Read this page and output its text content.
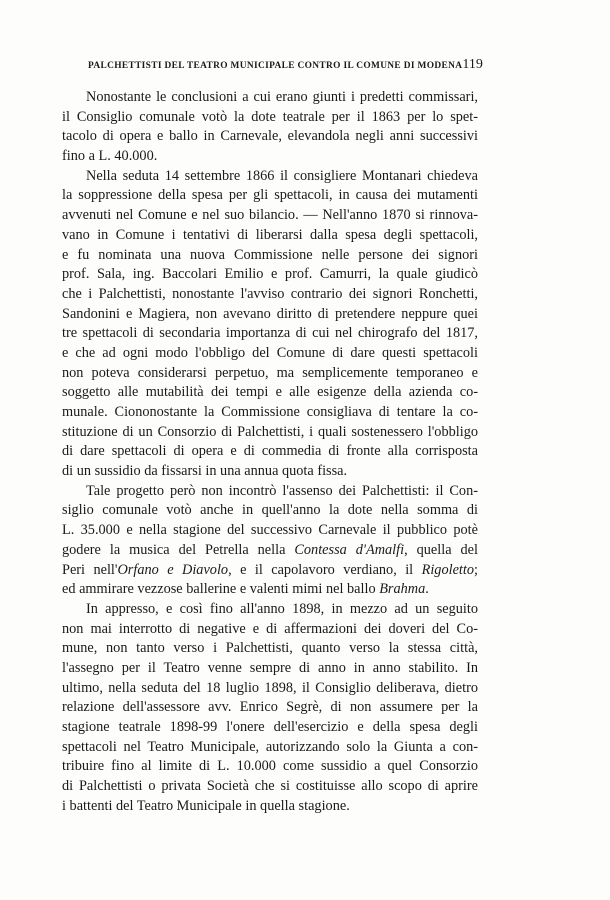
PALCHETTISTI DEL TEATRO MUNICIPALE CONTRO IL COMUNE DI MODENA 119
Nonostante le conclusioni a cui erano giunti i predetti commissari,
il Consiglio comunale votò la dote teatrale per il 1863 per lo spet-
tacolo di opera e ballo in Carnevale, elevandola negli anni successivi
fino a L. 40.000.
Nella seduta 14 settembre 1866 il consigliere Montanari chiedeva
la soppressione della spesa per gli spettacoli, in causa dei mutamenti
avvenuti nel Comune e nel suo bilancio. — Nell'anno 1870 si rinnova-
vano in Comune i tentativi di liberarsi dalla spesa degli spettacoli,
e fu nominata una nuova Commissione nelle persone dei signori
prof. Sala, ing. Baccolari Emilio e prof. Camurri, la quale giudicò
che i Palchettisti, nonostante l'avviso contrario dei signori Ronchetti,
Sandonini e Magiera, non avevano diritto di pretendere neppure quei
tre spettacoli di secondaria importanza di cui nel chirografo del 1817,
e che ad ogni modo l'obbligo del Comune di dare questi spettacoli
non poteva considerarsi perpetuo, ma semplicemente temporaneo e
soggetto alle mutabilità dei tempi e alle esigenze della azienda co-
munale. Ciononostante la Commissione consigliava di tentare la co-
stituzione di un Consorzio di Palchettisti, i quali sostenessero l'obbligo
di dare spettacoli di opera e di commedia di fronte alla corrisposta
di un sussidio da fissarsi in una annua quota fissa.
Tale progetto però non incontrò l'assenso dei Palchettisti: il Con-
siglio comunale votò anche in quell'anno la dote nella somma di
L. 35.000 e nella stagione del successivo Carnevale il pubblico potè
godere la musica del Petrella nella Contessa d'Amalfi, quella del
Peri nell'Orfano e Diavolo, e il capolavoro verdiano, il Rigoletto;
ed ammirare vezzose ballerine e valenti mimi nel ballo Brahma.
In appresso, e così fino all'anno 1898, in mezzo ad un seguito
non mai interrotto di negative e di affermazioni dei doveri del Co-
mune, non tanto verso i Palchettisti, quanto verso la stessa città,
l'assegno per il Teatro venne sempre di anno in anno stabilito. In
ultimo, nella seduta del 18 luglio 1898, il Consiglio deliberava, dietro
relazione dell'assessore avv. Enrico Segrè, di non assumere per la
stagione teatrale 1898-99 l'onere dell'esercizio e della spesa degli
spettacoli nel Teatro Municipale, autorizzando solo la Giunta a con-
tribuire fino al limite di L. 10.000 come sussidio a quel Consorzio
di Palchettisti o privata Società che si costituisse allo scopo di aprire
i battenti del Teatro Municipale in quella stagione.
